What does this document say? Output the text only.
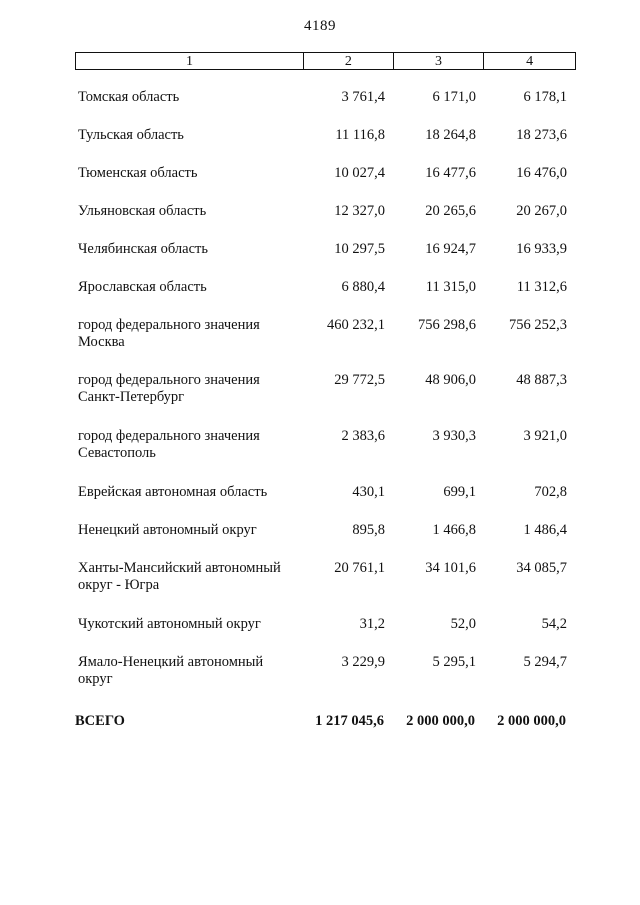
4189
1	2	3	4
Томская область	3 761,4	6 171,0	6 178,1
Тульская область	11 116,8	18 264,8	18 273,6
Тюменская область	10 027,4	16 477,6	16 476,0
Ульяновская область	12 327,0	20 265,6	20 267,0
Челябинская область	10 297,5	16 924,7	16 933,9
Ярославская область	6 880,4	11 315,0	11 312,6
город федерального значения
Москва
460 232,1	756 298,6	756 252,3
город федерального значения
Санкт-Петербург
29 772,5	48 906,0	48 887,3
город федерального значения
Севастополь
2 383,6	3 930,3	3 921,0
Еврейская автономная область	430,1	699,1	702,8
Ненецкий автономный округ	895,8	1 466,8	1 486,4
Ханты-Мансийский автономный
округ - Югра
20 761,1	34 101,6	34 085,7
Чукотский автономный округ	31,2	52,0	54,2
Ямало-Ненецкий автономный
округ
3 229,9	5 295,1	5 294,7
ВСЕГО	1 217 045,6	2 000 000,0	2 000 000,0
